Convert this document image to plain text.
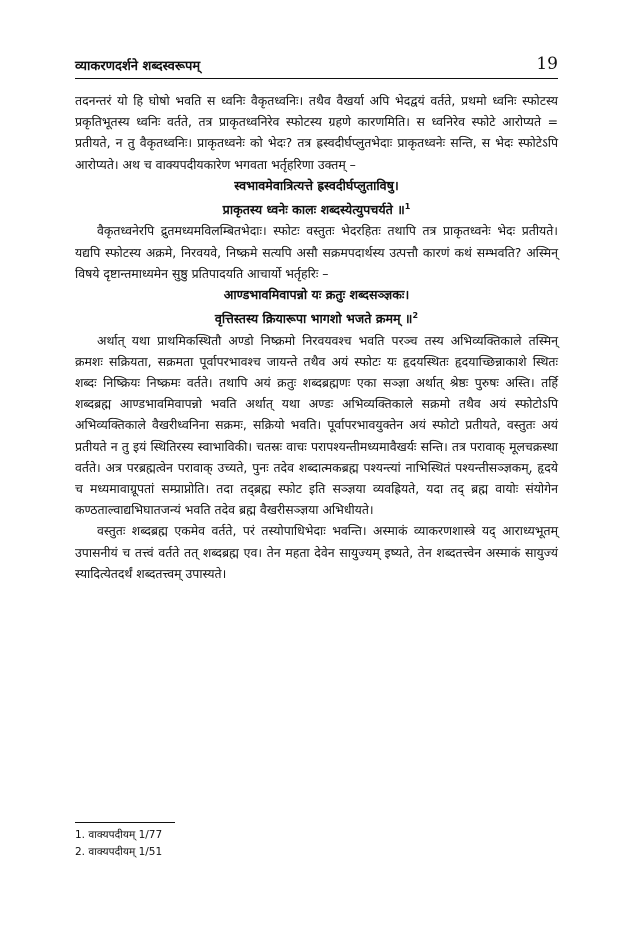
व्याकरणदर्शने शब्दस्वरूपम्	19

तदनन्तरं यो हि घोषो भवति स ध्वनिः वैकृतध्वनिः। तथैव वैखर्या अपि भेदद्वयं वर्तते, प्रथमो ध्वनिः स्फोटस्य प्रकृतिभूतस्य ध्वनिः वर्तते, तत्र प्राकृतध्वनिरेव स्फोटस्य ग्रहणे कारणमिति। स ध्वनिरेव स्फोटे आरोप्यते = प्रतीयते, न तु वैकृतध्वनिः। प्राकृतध्वनेः को भेदः? तत्र ह्रस्वदीर्घप्लुतभेदाः प्राकृतध्वनेः सन्ति, स भेदः स्फोटेऽपि आरोप्यते। अथ च वाक्यपदीयकारेण भगवता भर्तृहरिणा उक्तम् –

स्वभावमेवात्रित्यत्ते ह्रस्वदीर्घप्लुताविषु।
प्राकृतस्य ध्वनेः कालः शब्दस्येत्युपचर्यते ॥$^1$

वैकृतध्वनेरपि द्रुतमध्यमविलम्बितभेदाः। स्फोटः वस्तुतः भेदरहितः तथापि तत्र प्राकृतध्वनेः भेदः प्रतीयते। यद्यपि स्फोटस्य अक्रमे, निरवयवे, निष्क्रमे सत्यपि असौ सक्रमपदार्थस्य उत्पत्तौ कारणं कथं सम्भवति? अस्मिन् विषये दृष्टान्तमाध्यमेन सुष्ठु प्रतिपादयति आचार्यो भर्तृहरिः –

आण्डभावमिवापन्नो यः क्रतुः शब्दसञ्ज्ञकः।
वृत्तिस्तस्य क्रियारूपा भागशो भजते क्रमम् ॥$^2$

अर्थात् यथा प्राथमिकस्थितौ अण्डो निष्क्रमो निरवयवश्च भवति परञ्च तस्य अभिव्यक्तिकाले तस्मिन् क्रमशः सक्रियता, सक्रमता पूर्वापरभावश्च जायन्ते तथैव अयं स्फोटः यः हृदयस्थितः हृदयाच्छिन्नाकाशे स्थितः शब्दः निष्क्रियः निष्क्रमः वर्तते। तथापि अयं क्रतुः शब्दब्रह्मणः एका सञ्ज्ञा अर्थात् श्रेष्ठः पुरुषः अस्ति। तर्हि शब्दब्रह्म आण्डभावमिवापन्नो भवति अर्थात् यथा अण्डः अभिव्यक्तिकाले सक्रमो तथैव अयं स्फोटोऽपि अभिव्यक्तिकाले वैखरीध्वनिना सक्रमः, सक्रियो भवति। पूर्वापरभावयुक्तेन अयं स्फोटो प्रतीयते, वस्तुतः अयं प्रतीयते न तु इयं स्थितिरस्य स्वाभाविकी। चतस्रः वाचः परापश्यन्तीमध्यमावैखर्यः सन्ति। तत्र परावाक् मूलचक्रस्था वर्तते। अत्र परब्रह्मत्वेन परावाक् उच्यते, पुनः तदेव शब्दात्मकब्रह्म पश्यन्त्यां नाभिस्थितं पश्यन्तीसञ्ज्ञकम्, हृदये च मध्यमावाग्रूपतां सम्प्राप्नोति। तदा तद्ब्रह्म स्फोट इति सञ्ज्ञया व्यवह्रियते, यदा तद् ब्रह्म वायोः संयोगेन कण्ठताल्वाद्यभिघातजन्यं भवति तदेव ब्रह्म वैखरीसञ्ज्ञया अभिधीयते।

वस्तुतः शब्दब्रह्म एकमेव वर्तते, परं तस्योपाधिभेदाः भवन्ति। अस्माकं व्याकरणशास्त्रे यद् आराध्यभूतम् उपासनीयं च तत्त्वं वर्तते तत् शब्दब्रह्म एव। तेन महता देवेन सायुज्यम् इष्यते, तेन शब्दतत्त्वेन अस्माकं सायुज्यं स्यादित्येतदर्थं शब्दतत्त्वम् उपास्यते।

1. वाक्यपदीयम् 1/77
2. वाक्यपदीयम् 1/51
